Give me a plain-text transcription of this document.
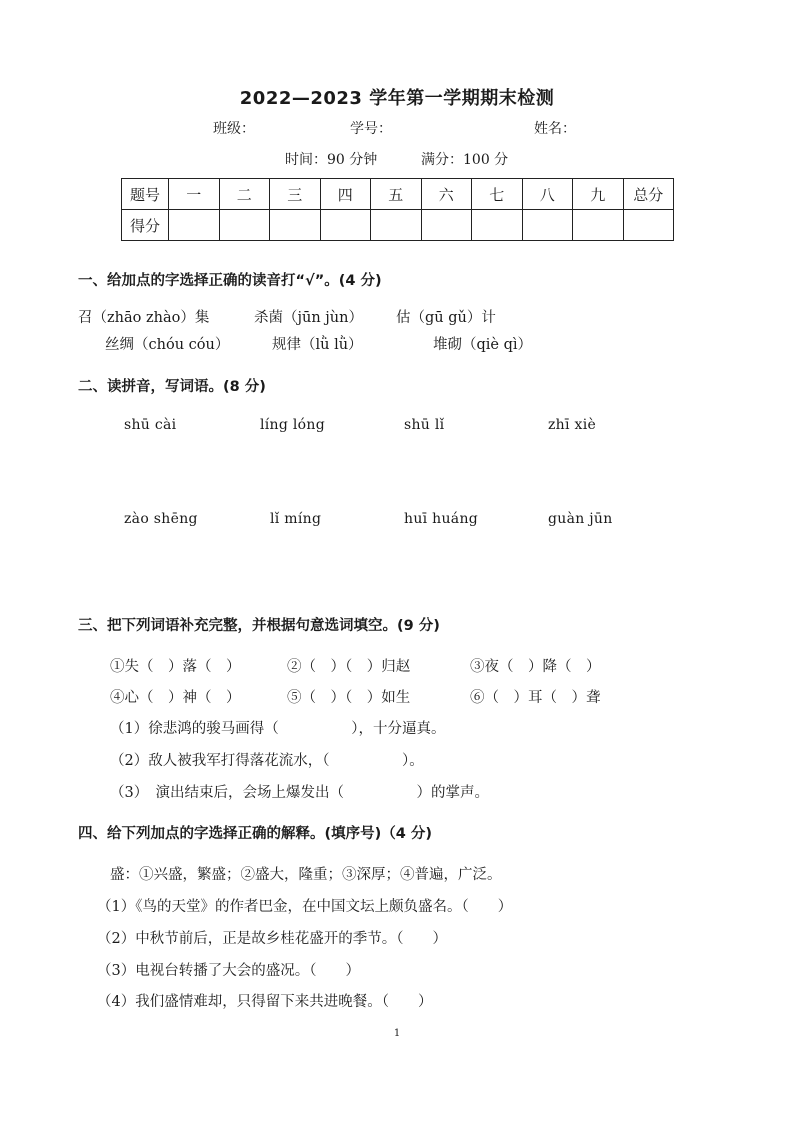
2022—2023 学年第一学期期末检测
班级：	学号：	姓名：
时间：90 分钟	满分：100 分
题号	一	二	三	四	五	六	七	八	九	总分
得分										
一、给加点的字选择正确的读音打“√”。(4 分)
召（zhāo zhào）集	杀菌（jūn jùn） 估（gū gǔ）计
丝绸（chóu cóu）	规律（lǜ lǜ）	堆砌（qiè qì）
二、读拼音，写词语。(8 分)
shū cài	líng lóng	shū lǐ	zhī xiè
zào shēng	lǐ míng	huī huáng	guàn jūn
三、把下列词语补充完整，并根据句意选词填空。(9 分)
①失（　）落（　）	②（　）（　）归赵	③夜（　）降（　）
④心（　）神（　）	⑤（　）（　）如生	⑥（　）耳（　）聋
（1）徐悲鸿的骏马画得（　　　　　），十分逼真。
（2）敌人被我军打得落花流水，（　　　　　）。
（3）　演出结束后，会场上爆发出（　　　　　）的掌声。
四、给下列加点的字选择正确的解释。(填序号)（4 分)
盛：①兴盛，繁盛；②盛大，隆重；③深厚；④普遍，广泛。
（1）《鸟的天堂》的作者巴金，在中国文坛上颇负盛名。（　　）
（2）中秋节前后，正是故乡桂花盛开的季节。（　　）
（3）电视台转播了大会的盛况。（　　）
（4）我们盛情难却，只得留下来共进晚餐。（　　）
1
